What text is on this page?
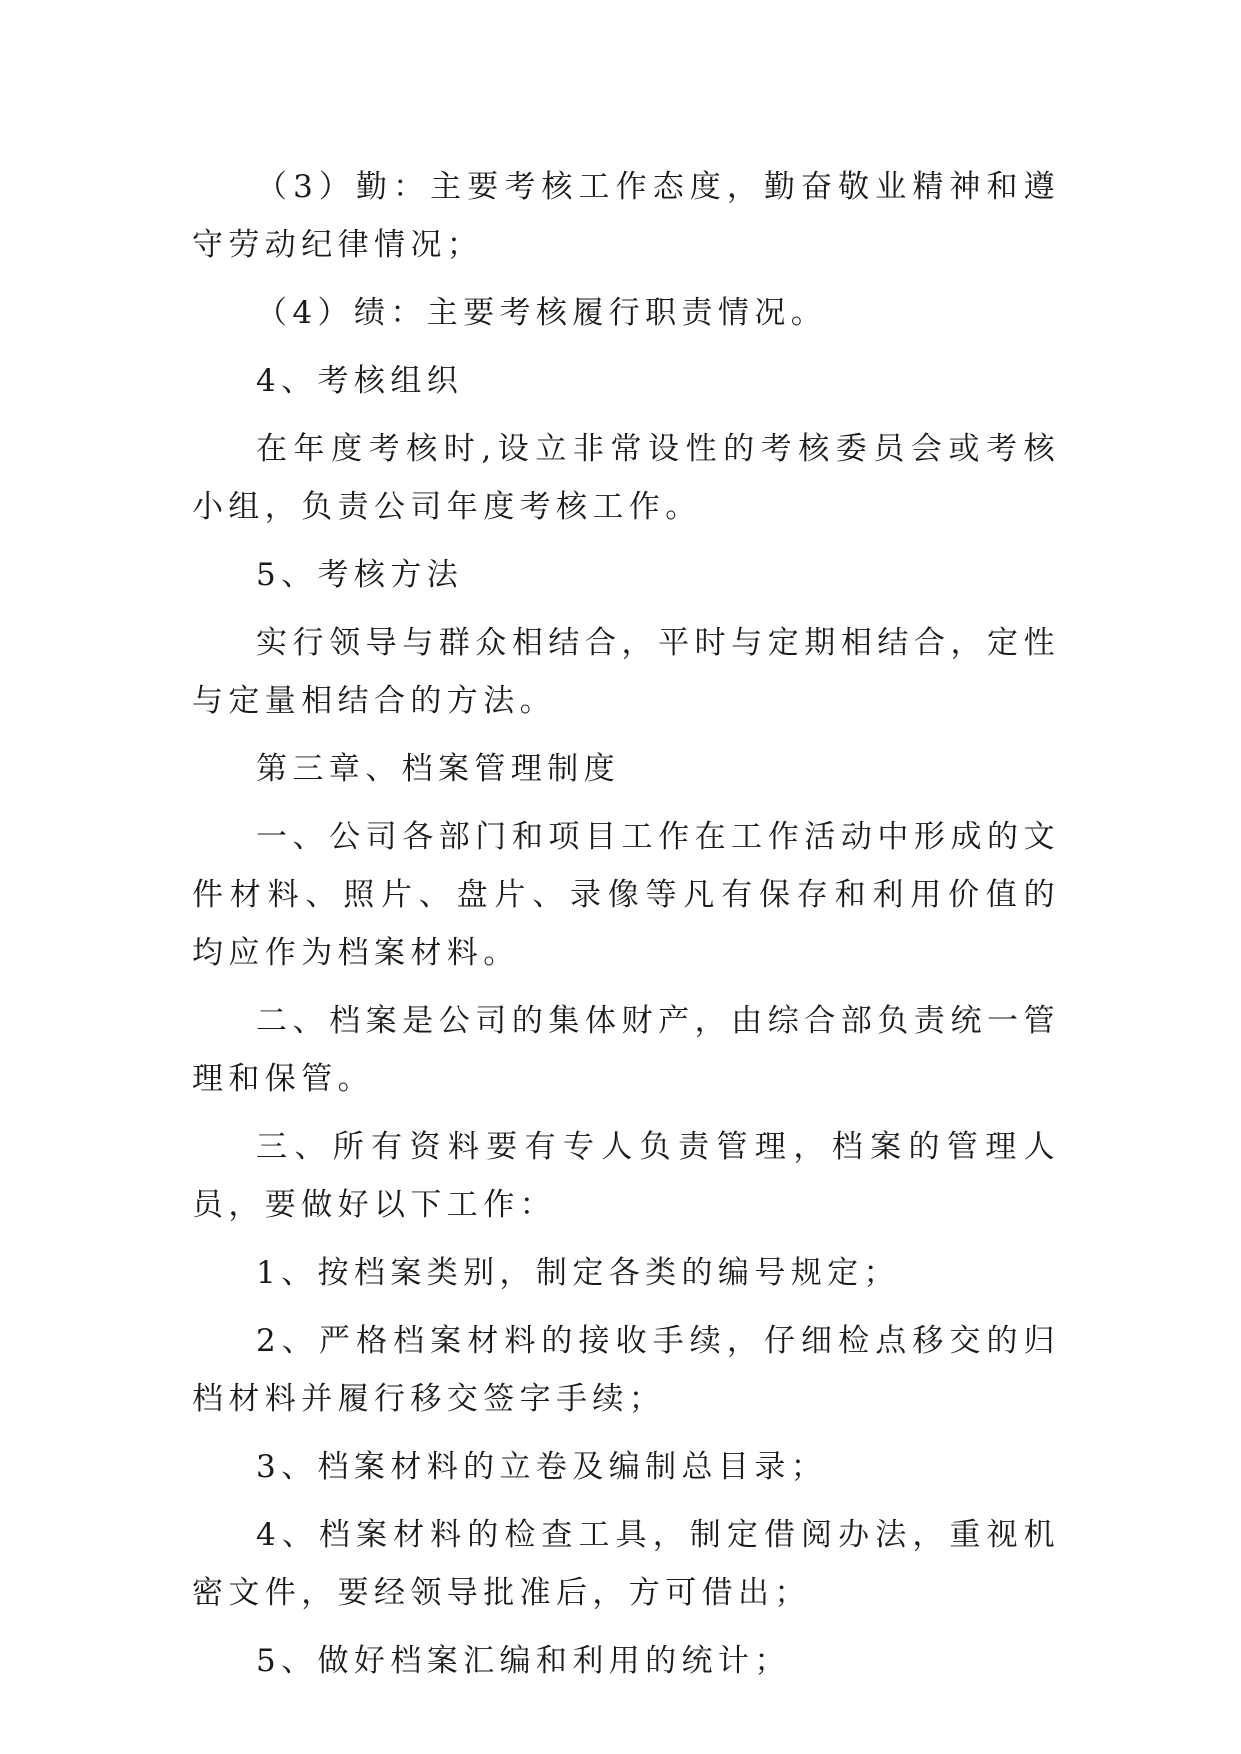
（3）勤：主要考核工作态度，勤奋敬业精神和遵守劳动纪律情况；

（4）绩：主要考核履行职责情况。

4、考核组织

在年度考核时,设立非常设性的考核委员会或考核小组，负责公司年度考核工作。

5、考核方法

实行领导与群众相结合，平时与定期相结合，定性与定量相结合的方法。

第三章、档案管理制度

一、公司各部门和项目工作在工作活动中形成的文件材料、照片、盘片、录像等凡有保存和利用价值的均应作为档案材料。

二、档案是公司的集体财产，由综合部负责统一管理和保管。

三、所有资料要有专人负责管理，档案的管理人员，要做好以下工作：

1、按档案类别，制定各类的编号规定；

2、严格档案材料的接收手续，仔细检点移交的归档材料并履行移交签字手续；

3、档案材料的立卷及编制总目录；

4、档案材料的检查工具，制定借阅办法，重视机密文件，要经领导批准后，方可借出；

5、做好档案汇编和利用的统计；
